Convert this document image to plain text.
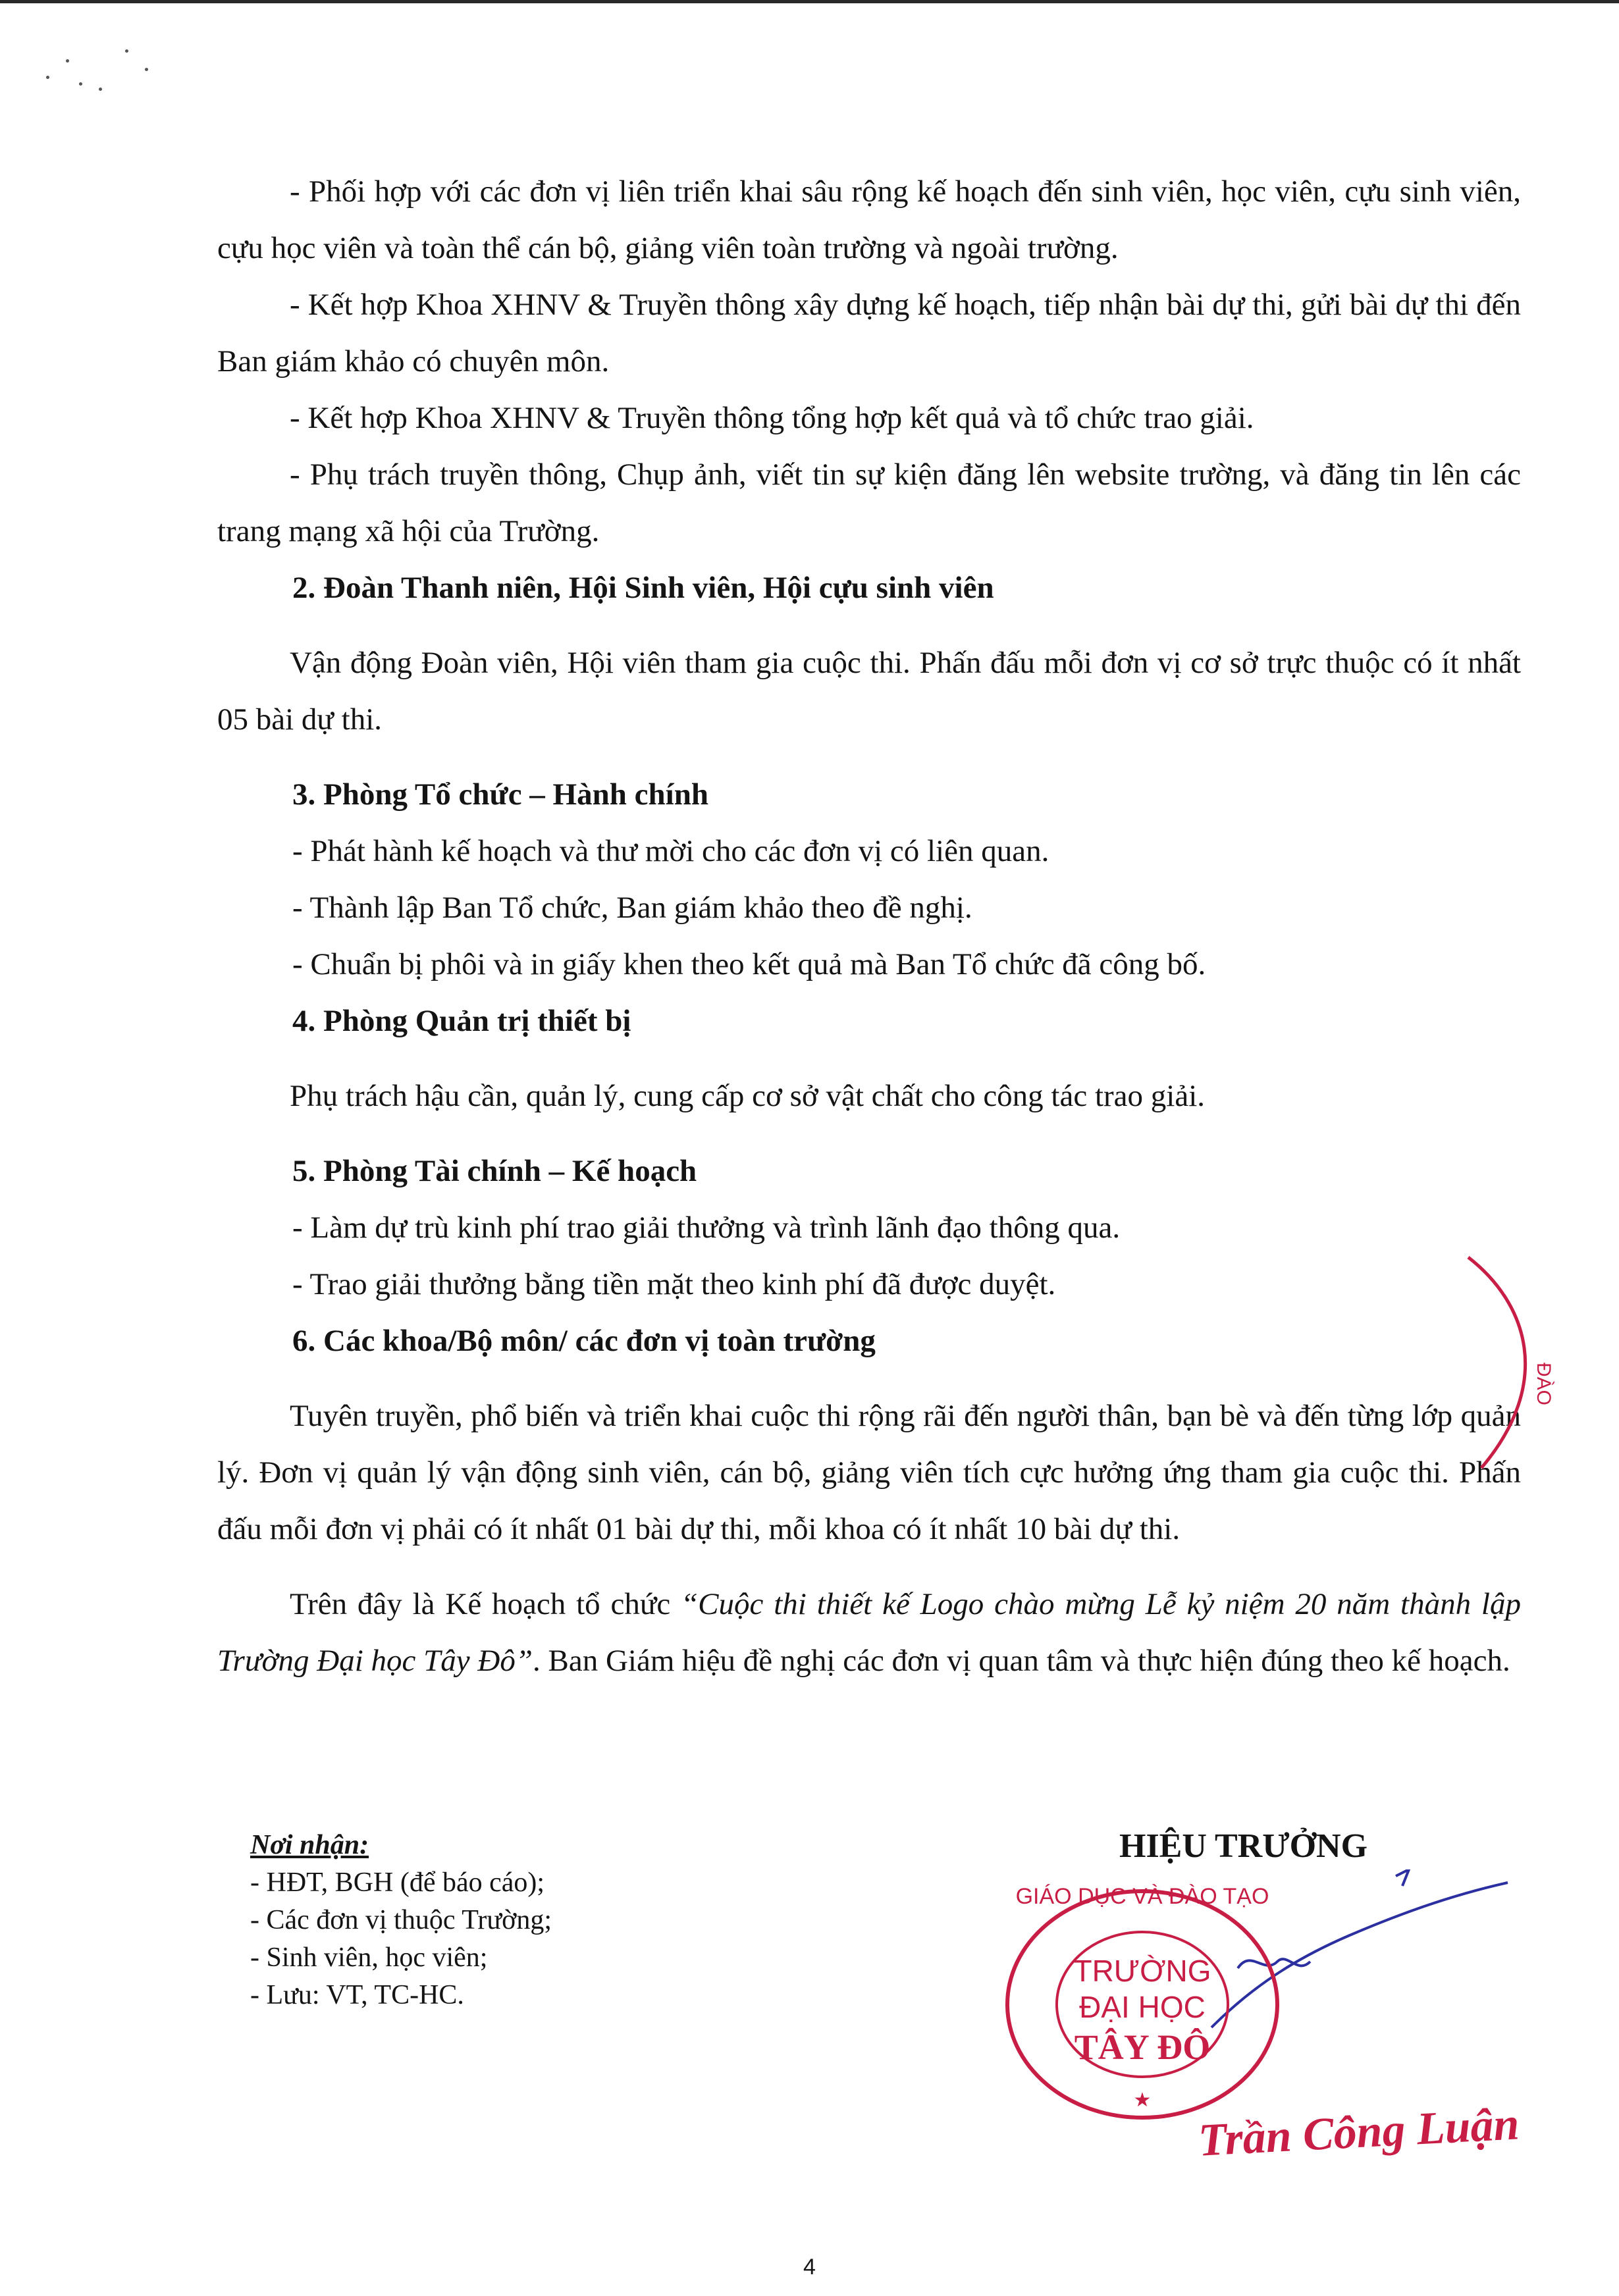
- Phối hợp với các đơn vị liên triển khai sâu rộng kế hoạch đến sinh viên, học viên, cựu sinh viên, cựu học viên và toàn thể cán bộ, giảng viên toàn trường và ngoài trường.

- Kết hợp Khoa XHNV & Truyền thông xây dựng kế hoạch, tiếp nhận bài dự thi, gửi bài dự thi đến Ban giám khảo có chuyên môn.

- Kết hợp Khoa XHNV & Truyền thông tổng hợp kết quả và tổ chức trao giải.

- Phụ trách truyền thông, Chụp ảnh, viết tin sự kiện đăng lên website trường, và đăng tin lên các trang mạng xã hội của Trường.

2. Đoàn Thanh niên, Hội Sinh viên, Hội cựu sinh viên

Vận động Đoàn viên, Hội viên tham gia cuộc thi. Phấn đấu mỗi đơn vị cơ sở trực thuộc có ít nhất 05 bài dự thi.

3. Phòng Tổ chức – Hành chính

- Phát hành kế hoạch và thư mời cho các đơn vị có liên quan.

- Thành lập Ban Tổ chức, Ban giám khảo theo đề nghị.

- Chuẩn bị phôi và in giấy khen theo kết quả mà Ban Tổ chức đã công bố.

4. Phòng Quản trị thiết bị

Phụ trách hậu cần, quản lý, cung cấp cơ sở vật chất cho công tác trao giải.

5. Phòng Tài chính – Kế hoạch

- Làm dự trù kinh phí trao giải thưởng và trình lãnh đạo thông qua.

- Trao giải thưởng bằng tiền mặt theo kinh phí đã được duyệt.

6. Các khoa/Bộ môn/ các đơn vị toàn trường

Tuyên truyền, phổ biến và triển khai cuộc thi rộng rãi đến người thân, bạn bè và đến từng lớp quản lý. Đơn vị quản lý vận động sinh viên, cán bộ, giảng viên tích cực hưởng ứng tham gia cuộc thi. Phấn đấu mỗi đơn vị phải có ít nhất 01 bài dự thi, mỗi khoa có ít nhất 10 bài dự thi.

Trên đây là Kế hoạch tổ chức “Cuộc thi thiết kế Logo chào mừng Lễ kỷ niệm 20 năm thành lập Trường Đại học Tây Đô”. Ban Giám hiệu đề nghị các đơn vị quan tâm và thực hiện đúng theo kế hoạch.

Nơi nhận:
- HĐT, BGH (để báo cáo);
- Các đơn vị thuộc Trường;
- Sinh viên, học viên;
- Lưu: VT, TC-HC.
HIỆU TRƯỞNG
GIÁO DỤC VÀ ĐÀO TẠO
TRƯỜNG
ĐẠI HỌC
TÂY ĐÔ
★ Trần Công Luận
ĐÀO
4
